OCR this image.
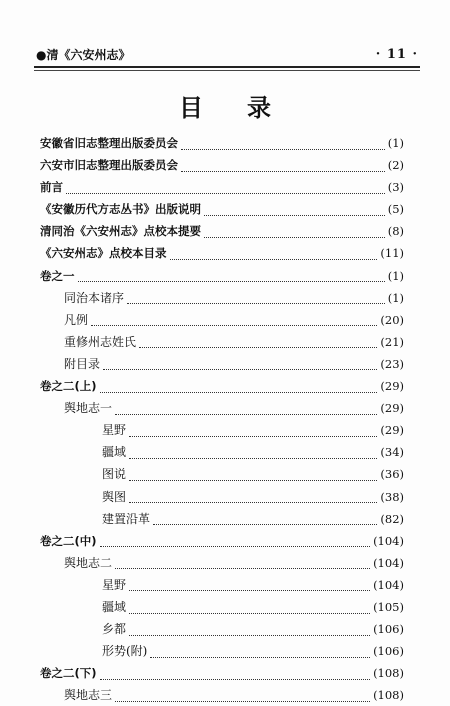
●清《六安州志》	· 11 ·
目录
安徽省旧志整理出版委员会	(1)
六安市旧志整理出版委员会	(2)
前言	(3)
《安徽历代方志丛书》出版说明	(5)
清同治《六安州志》点校本提要	(8)
《六安州志》点校本目录	(11)
卷之一	(1)
同治本诸序	(1)
凡例	(20)
重修州志姓氏	(21)
附目录	(23)
卷之二(上)	(29)
舆地志一	(29)
星野	(29)
疆域	(34)
图说	(36)
舆图	(38)
建置沿革	(82)
卷之二(中)	(104)
舆地志二	(104)
星野	(104)
疆域	(105)
乡都	(106)
形势(附)	(106)
卷之二(下)	(108)
舆地志三	(108)
